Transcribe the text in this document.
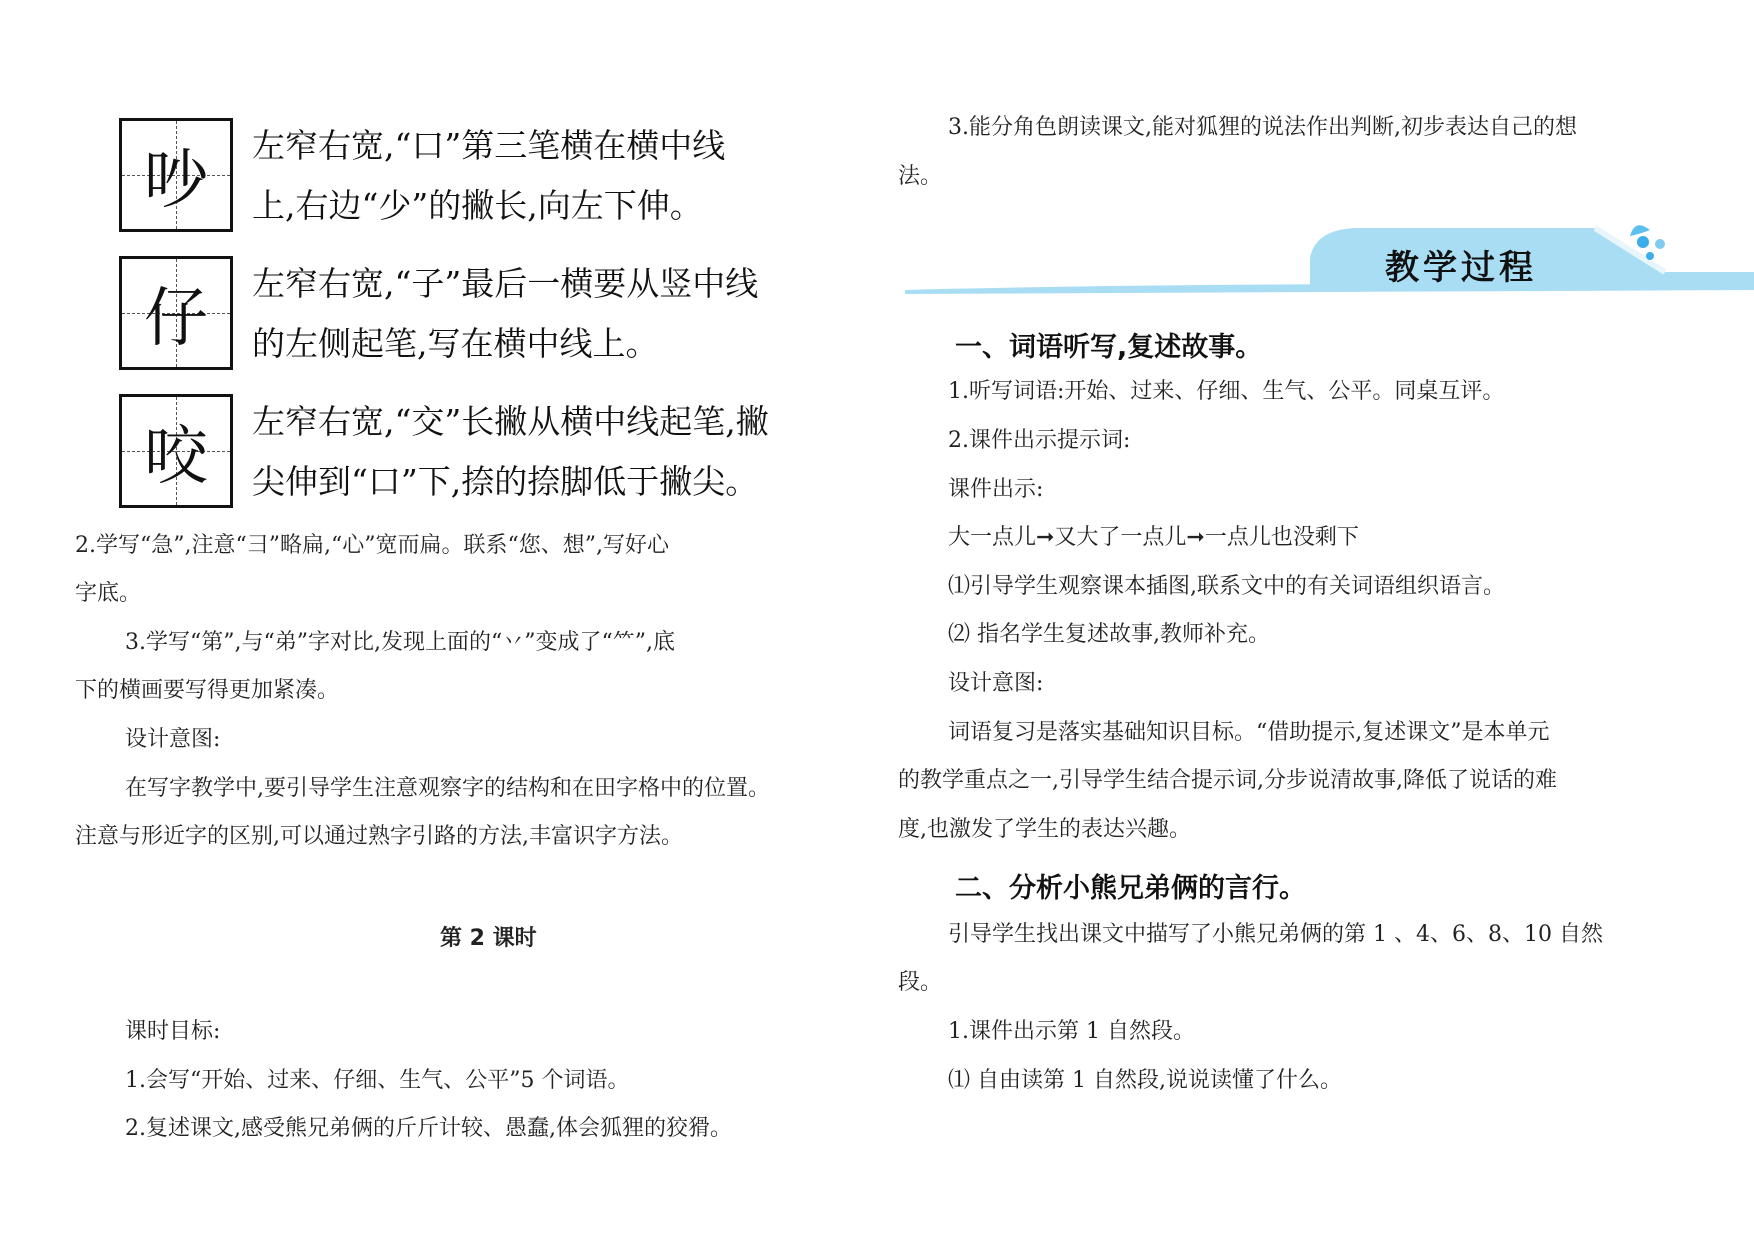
吵	左窄右宽,“口”第三笔横在横中线
上,右边“少”的撇长,向左下伸。
仔	左窄右宽,“子”最后一横要从竖中线
的左侧起笔,写在横中线上。
咬	左窄右宽,“交”长撇从横中线起笔,撇
尖伸到“口”下,捺的捺脚低于撇尖。
2.学写“急”,注意“彐”略扁,“心”宽而扁。联系“您、想”,写好心
字底。
3.学写“第”,与“弟”字对比,发现上面的“丷”变成了“⺮”,底
下的横画要写得更加紧凑。
设计意图:
在写字教学中,要引导学生注意观察字的结构和在田字格中的位置。
注意与形近字的区别,可以通过熟字引路的方法,丰富识字方法。
第 2 课时
课时目标:
1.会写“开始、过来、仔细、生气、公平”5 个词语。
2.复述课文,感受熊兄弟俩的斤斤计较、愚蠢,体会狐狸的狡猾。
3.能分角色朗读课文,能对狐狸的说法作出判断,初步表达自己的想
法。
教学过程
一、词语听写,复述故事。
1.听写词语:开始、过来、仔细、生气、公平。同桌互评。
2.课件出示提示词:
课件出示:
大一点儿➞又大了一点儿➞一点儿也没剩下
⑴引导学生观察课本插图,联系文中的有关词语组织语言。
⑵ 指名学生复述故事,教师补充。
设计意图:
词语复习是落实基础知识目标。“借助提示,复述课文”是本单元
的教学重点之一,引导学生结合提示词,分步说清故事,降低了说话的难
度,也激发了学生的表达兴趣。
二、分析小熊兄弟俩的言行。
引导学生找出课文中描写了小熊兄弟俩的第 1 、4、6、8、10 自然
段。
1.课件出示第 1 自然段。
⑴ 自由读第 1 自然段,说说读懂了什么。
